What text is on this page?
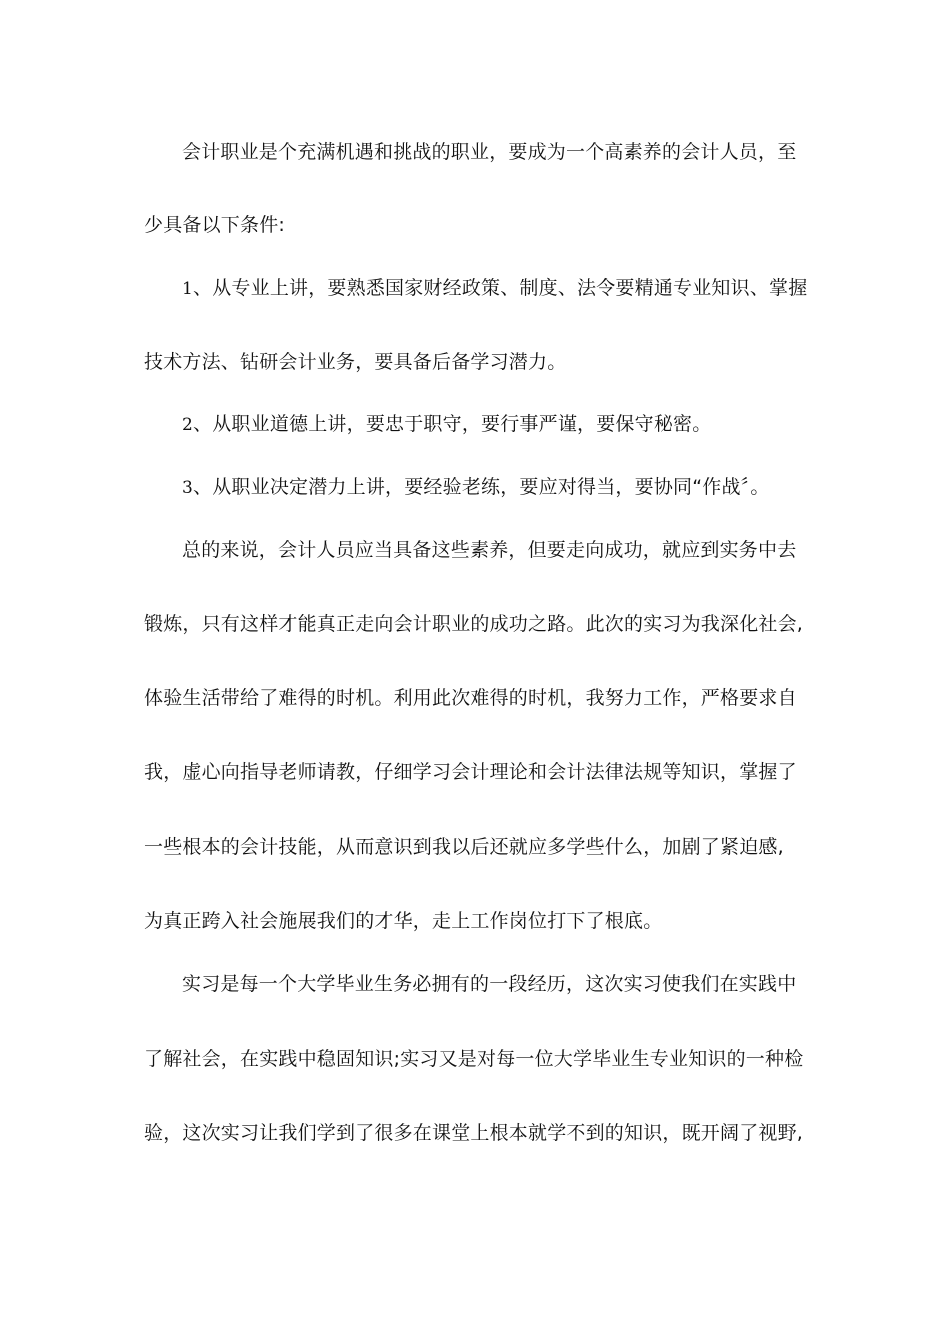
会计职业是个充满机遇和挑战的职业，要成为一个高素养的会计人员，至
少具备以下条件:
1、从专业上讲，要熟悉国家财经政策、制度、法令要精通专业知识、掌握
技术方法、钻研会计业务，要具备后备学习潜力。
2、从职业道德上讲，要忠于职守，要行事严谨，要保守秘密。
3、从职业决定潜力上讲，要经验老练，要应对得当，要协同“作战〞。
总的来说，会计人员应当具备这些素养，但要走向成功，就应到实务中去
锻炼，只有这样才能真正走向会计职业的成功之路。此次的实习为我深化社会,
体验生活带给了难得的时机。利用此次难得的时机，我努力工作，严格要求自
我，虚心向指导老师请教，仔细学习会计理论和会计法律法规等知识，掌握了
一些根本的会计技能，从而意识到我以后还就应多学些什么，加剧了紧迫感,
为真正跨入社会施展我们的才华，走上工作岗位打下了根底。
实习是每一个大学毕业生务必拥有的一段经历，这次实习使我们在实践中
了解社会，在实践中稳固知识;实习又是对每一位大学毕业生专业知识的一种检
验，这次实习让我们学到了很多在课堂上根本就学不到的知识，既开阔了视野,
